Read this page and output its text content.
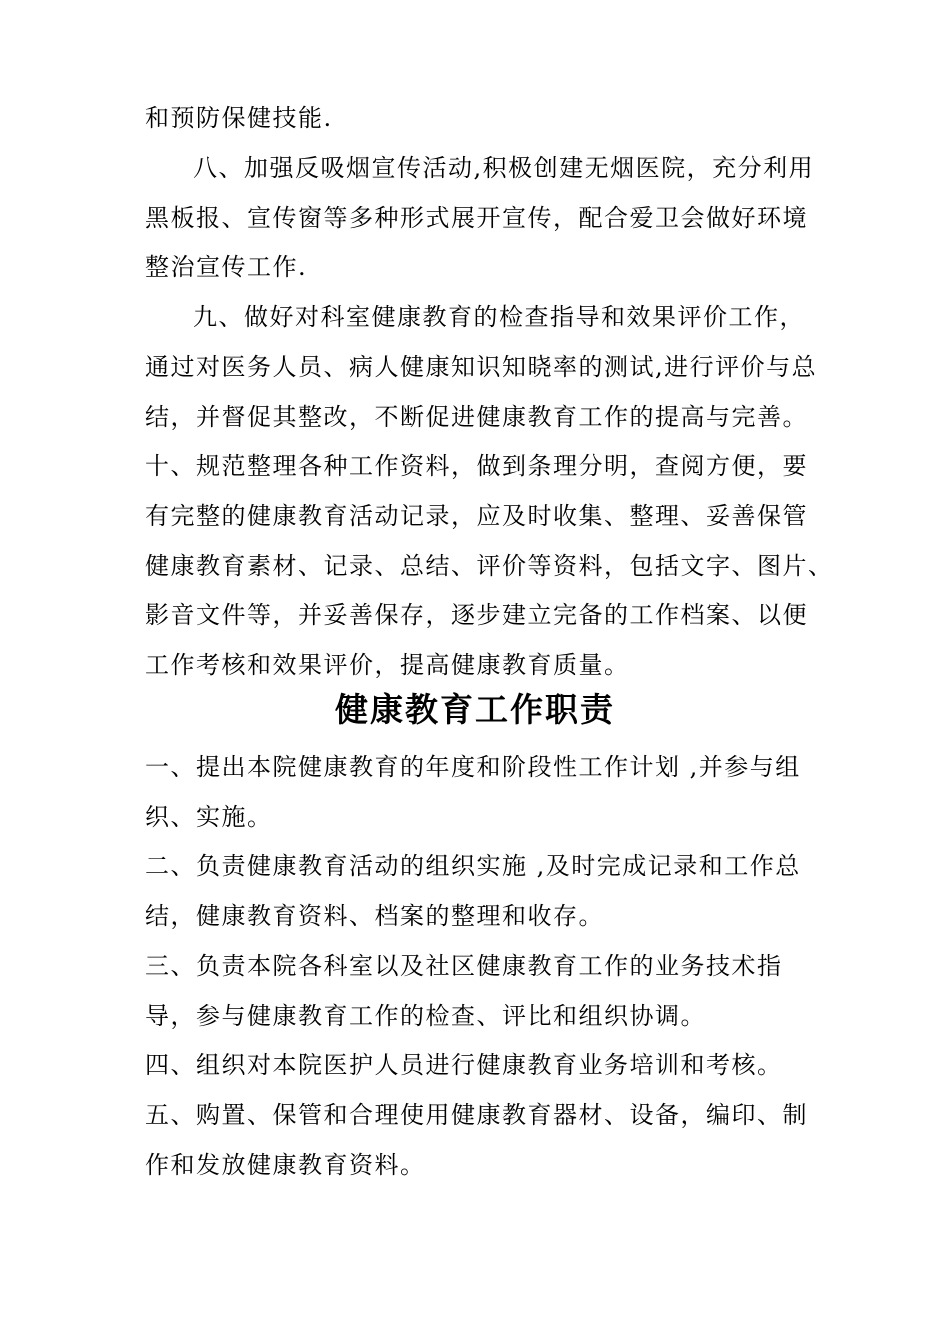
和预防保健技能.
八、加强反吸烟宣传活动,积极创建无烟医院，充分利用
黑板报、宣传窗等多种形式展开宣传，配合爱卫会做好环境
整治宣传工作.
九、做好对科室健康教育的检查指导和效果评价工作，
通过对医务人员、病人健康知识知晓率的测试,进行评价与总
结，并督促其整改，不断促进健康教育工作的提高与完善。
十、规范整理各种工作资料，做到条理分明，查阅方便，要
有完整的健康教育活动记录，应及时收集、整理、妥善保管
健康教育素材、记录、总结、评价等资料，包括文字、图片、
影音文件等，并妥善保存，逐步建立完备的工作档案、以便
工作考核和效果评价，提高健康教育质量。
健康教育工作职责
一、提出本院健康教育的年度和阶段性工作计划 ,并参与组
织、实施。
二、负责健康教育活动的组织实施 ,及时完成记录和工作总
结，健康教育资料、档案的整理和收存。
三、负责本院各科室以及社区健康教育工作的业务技术指
导，参与健康教育工作的检查、评比和组织协调。
四、组织对本院医护人员进行健康教育业务培训和考核。
五、购置、保管和合理使用健康教育器材、设备，编印、制
作和发放健康教育资料。
